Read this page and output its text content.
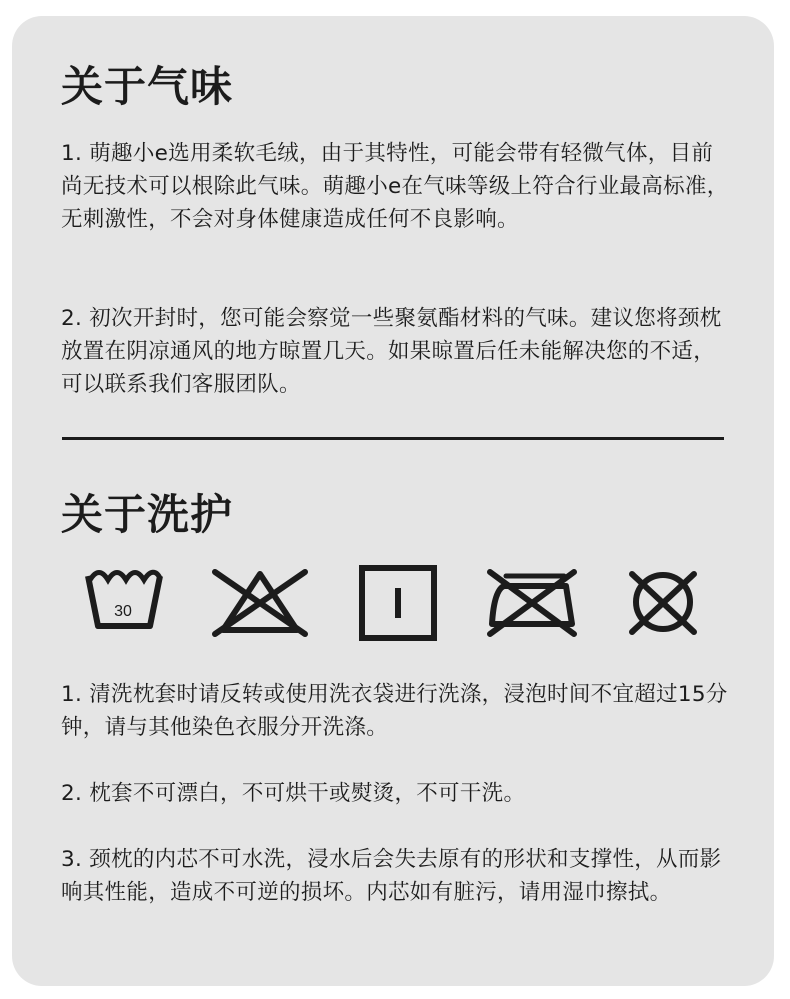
关于气味

1. 萌趣小e选用柔软毛绒，由于其特性，可能会带有轻微气体，目前尚无技术可以根除此气味。萌趣小e在气味等级上符合行业最高标准，无刺激性，不会对身体健康造成任何不良影响。

2. 初次开封时，您可能会察觉一些聚氨酯材料的气味。建议您将颈枕放置在阴凉通风的地方晾置几天。如果晾置后任未能解决您的不适，可以联系我们客服团队。

关于洗护
30

1. 清洗枕套时请反转或使用洗衣袋进行洗涤，浸泡时间不宜超过15分钟，请与其他染色衣服分开洗涤。

2. 枕套不可漂白，不可烘干或熨烫，不可干洗。

3. 颈枕的内芯不可水洗，浸水后会失去原有的形状和支撑性，从而影响其性能，造成不可逆的损坏。内芯如有脏污，请用湿巾擦拭。
